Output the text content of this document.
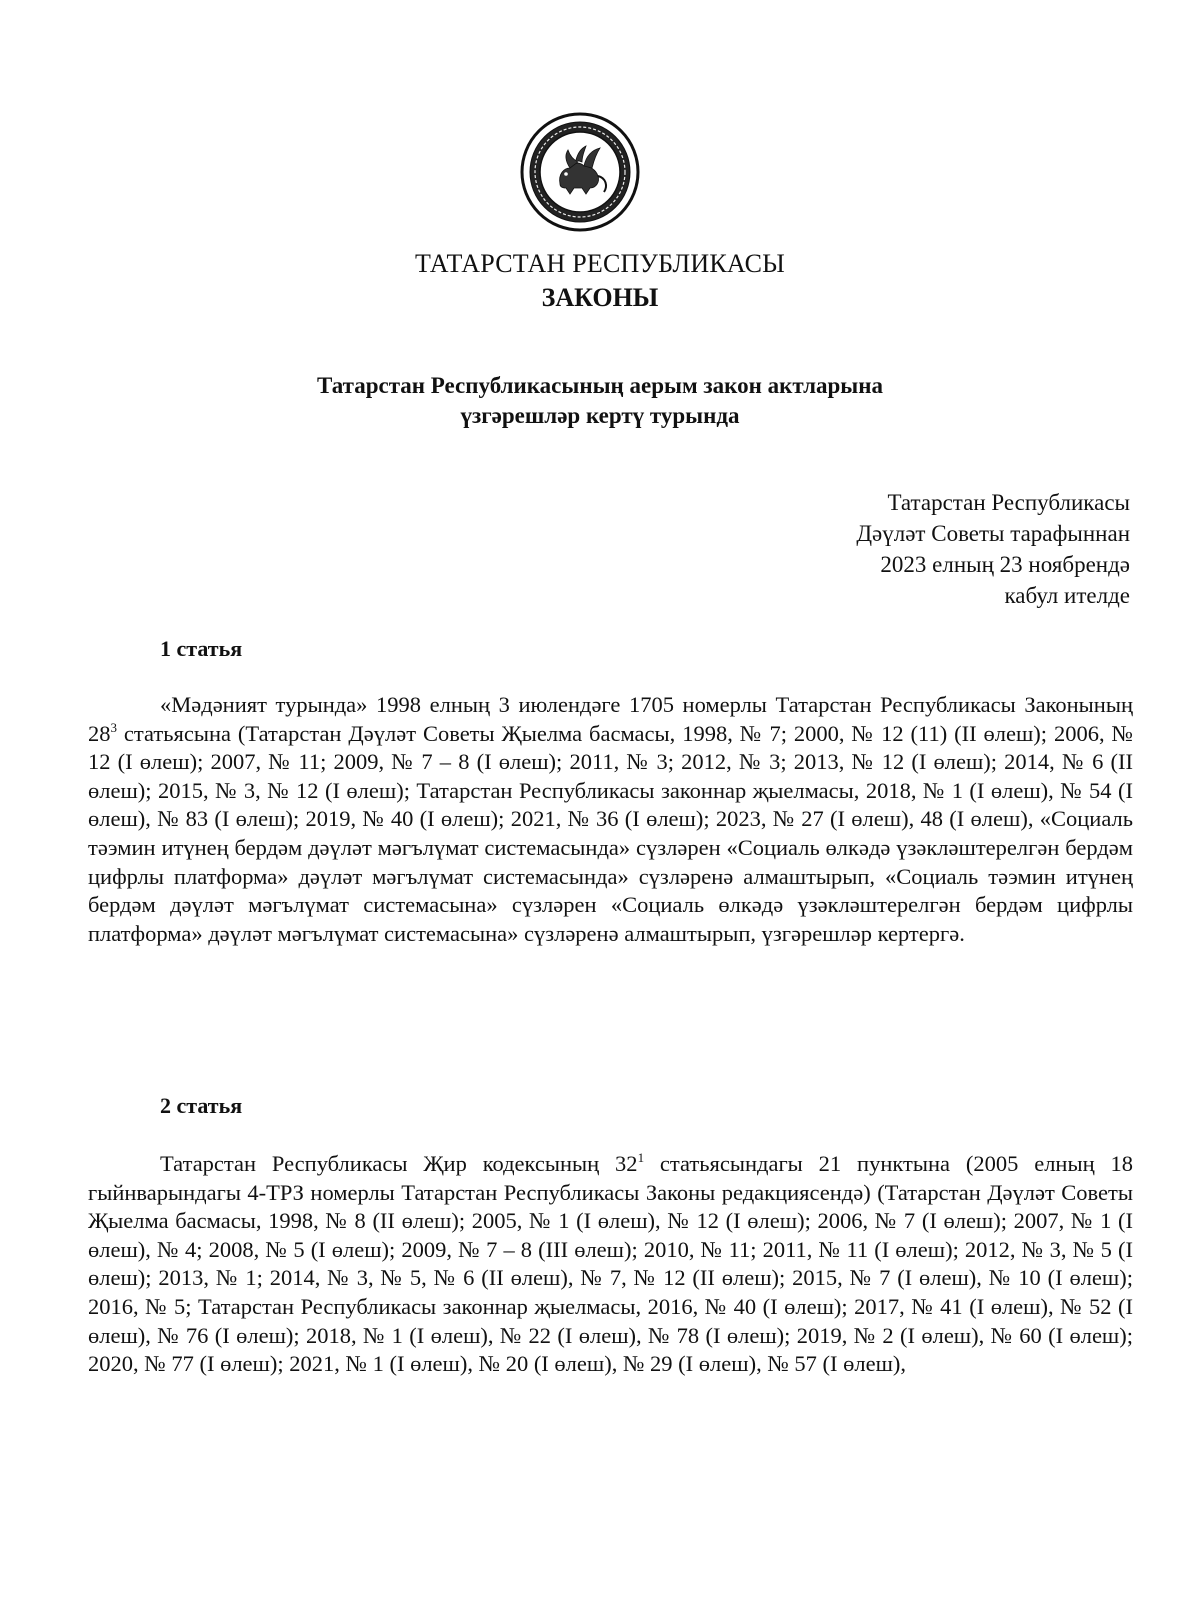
ТАТАРСТАН РЕСПУБЛИКАСЫ
ЗАКОНЫ
Татарстан Республикасының аерым закон актларына
үзгәрешләр кертү турында
Татарстан Республикасы
Дәүләт Советы тарафыннан
2023 елның 23 ноябрендә
кабул ителде
1 статья
«Мәдәният турында» 1998 елның 3 июлендәге 1705 номерлы Татарстан Республикасы Законының $28^3$ статьясына (Татарстан Дәүләт Советы Җыелма басмасы, 1998, № 7; 2000, № 12 (11) (II өлеш); 2006, № 12 (I өлеш); 2007, № 11; 2009, № 7 – 8 (I өлеш); 2011, № 3; 2012, № 3; 2013, № 12 (I өлеш); 2014, № 6 (II өлеш); 2015, № 3, № 12 (I өлеш); Татарстан Республикасы законнар җыелмасы, 2018, № 1 (I өлеш), № 54 (I өлеш), № 83 (I өлеш); 2019, № 40 (I өлеш); 2021, № 36 (I өлеш); 2023, № 27 (I өлеш), 48 (I өлеш), «Социаль тәэмин итүнең бердәм дәүләт мәгълүмат системасында» сүзләрен «Социаль өлкәдә үзәкләштерелгән бердәм цифрлы платформа» дәүләт мәгълүмат системасында» сүзләренә алмаштырып, «Социаль тәэмин итүнең бердәм дәүләт мәгълүмат системасына» сүзләрен «Социаль өлкәдә үзәкләштерелгән бердәм цифрлы платформа» дәүләт мәгълүмат системасына» сүзләренә алмаштырып, үзгәрешләр кертергә.
2 статья
Татарстан Республикасы Җир кодексының $32^1$ статьясындагы 21 пунктына (2005 елның 18 гыйнварындагы 4-ТРЗ номерлы Татарстан Республикасы Законы редакциясендә) (Татарстан Дәүләт Советы Җыелма басмасы, 1998, № 8 (II өлеш); 2005, № 1 (I өлеш), № 12 (I өлеш); 2006, № 7 (I өлеш); 2007, № 1 (I өлеш), № 4; 2008, № 5 (I өлеш); 2009, № 7 – 8 (III өлеш); 2010, № 11; 2011, № 11 (I өлеш); 2012, № 3, № 5 (I өлеш); 2013, № 1; 2014, № 3, № 5, № 6 (II өлеш), № 7, № 12 (II өлеш); 2015, № 7 (I өлеш), № 10 (I өлеш); 2016, № 5; Татарстан Республикасы законнар җыелмасы, 2016, № 40 (I өлеш); 2017, № 41 (I өлеш), № 52 (I өлеш), № 76 (I өлеш); 2018, № 1 (I өлеш), № 22 (I өлеш), № 78 (I өлеш); 2019, № 2 (I өлеш), № 60 (I өлеш); 2020, № 77 (I өлеш); 2021, № 1 (I өлеш), № 20 (I өлеш), № 29 (I өлеш), № 57 (I өлеш),
